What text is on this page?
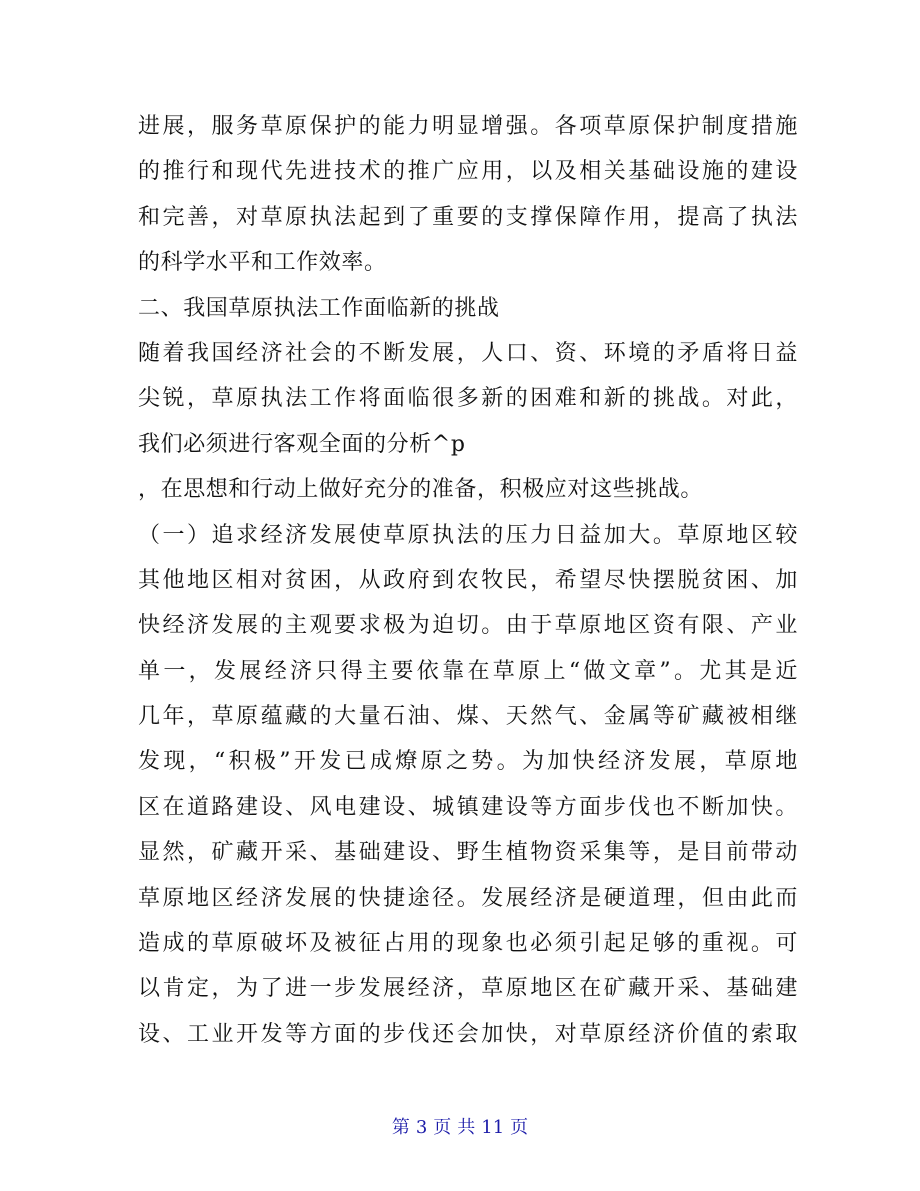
进展，服务草原保护的能力明显增强。各项草原保护制度措施
的推行和现代先进技术的推广应用，以及相关基础设施的建设
和完善，对草原执法起到了重要的支撑保障作用，提高了执法
的科学水平和工作效率。
二、我国草原执法工作面临新的挑战
随着我国经济社会的不断发展，人口、资、环境的矛盾将日益
尖锐，草原执法工作将面临很多新的困难和新的挑战。对此，
我们必须进行客观全面的分析^p
，在思想和行动上做好充分的准备，积极应对这些挑战。
（一）追求经济发展使草原执法的压力日益加大。草原地区较
其他地区相对贫困，从政府到农牧民，希望尽快摆脱贫困、加
快经济发展的主观要求极为迫切。由于草原地区资有限、产业
单一，发展经济只得主要依靠在草原上“做文章”。尤其是近
几年，草原蕴藏的大量石油、煤、天然气、金属等矿藏被相继
发现，“积极”开发已成燎原之势。为加快经济发展，草原地
区在道路建设、风电建设、城镇建设等方面步伐也不断加快。
显然，矿藏开采、基础建设、野生植物资采集等，是目前带动
草原地区经济发展的快捷途径。发展经济是硬道理，但由此而
造成的草原破坏及被征占用的现象也必须引起足够的重视。可
以肯定，为了进一步发展经济，草原地区在矿藏开采、基础建
设、工业开发等方面的步伐还会加快，对草原经济价值的索取
第 3 页 共 11 页
